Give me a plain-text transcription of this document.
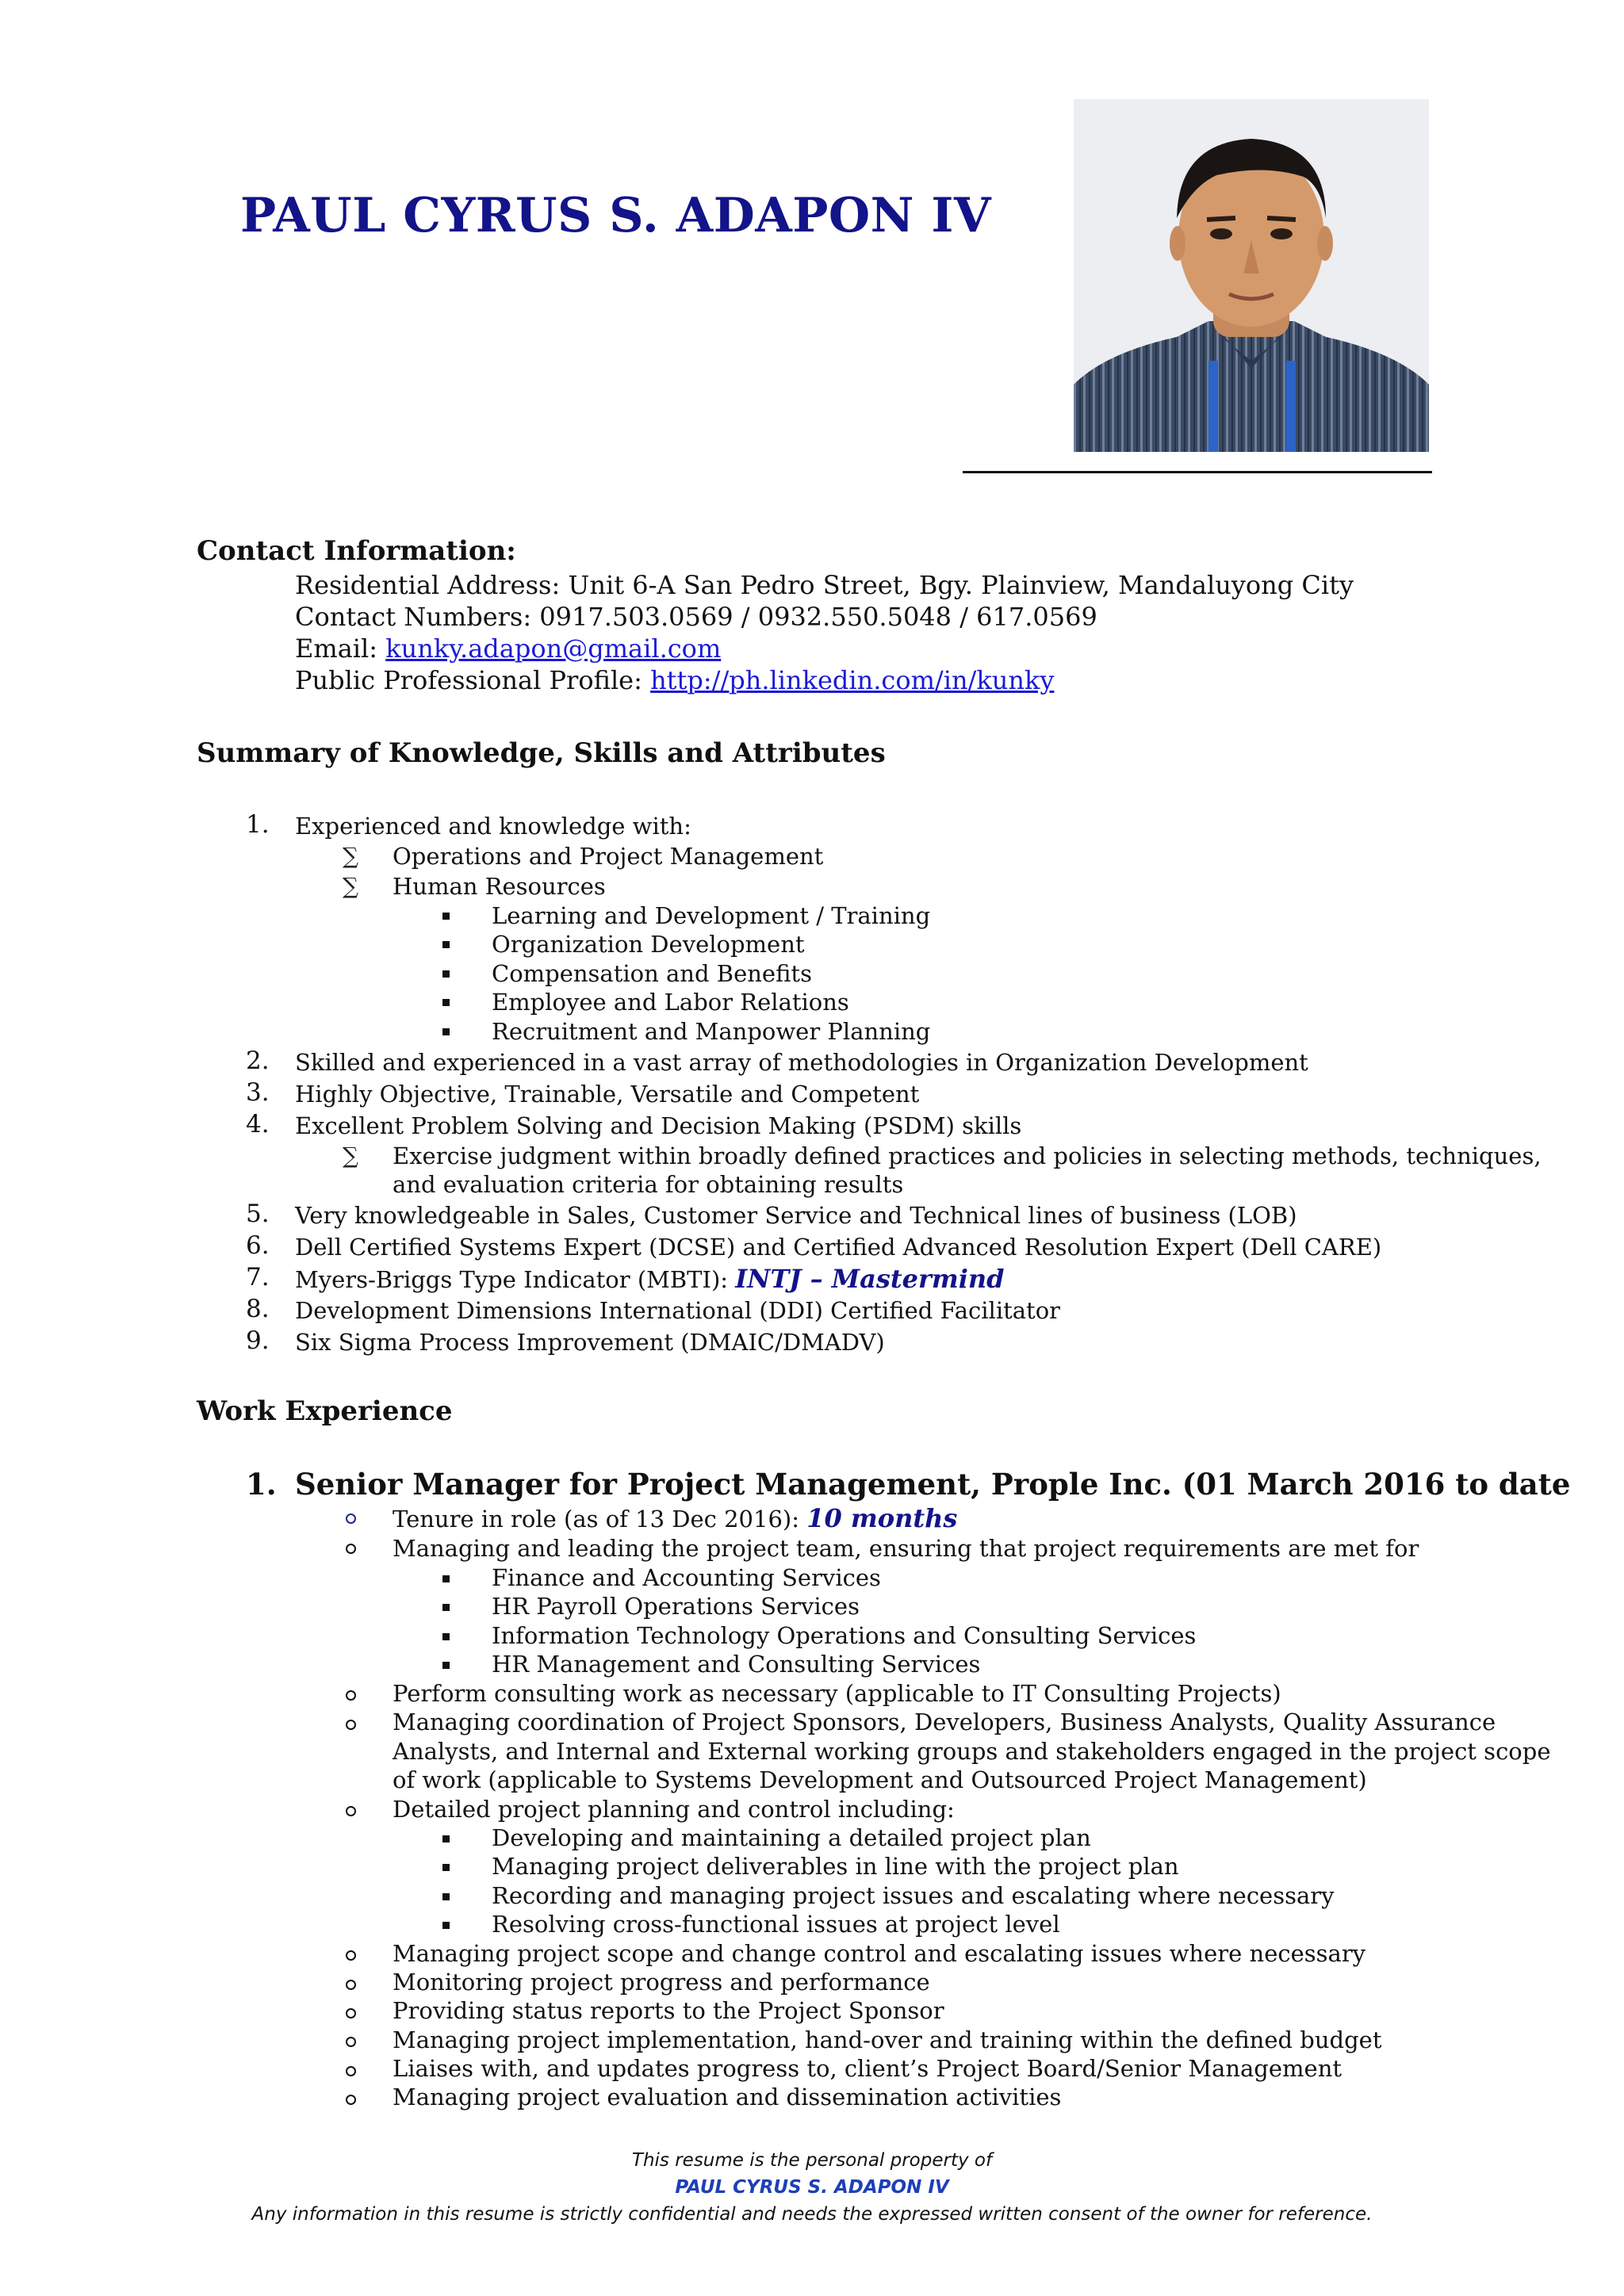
PAUL CYRUS S. ADAPON IV
Contact Information:
Residential Address: Unit 6-A San Pedro Street, Bgy. Plainview, Mandaluyong City
Contact Numbers: 0917.503.0569 / 0932.550.5048 / 617.0569
Email: kunky.adapon@gmail.com
Public Professional Profile: http://ph.linkedin.com/in/kunky
Summary of Knowledge, Skills and Attributes
1. Experienced and knowledge with:
∑ Operations and Project Management
∑ Human Resources
Learning and Development / Training
Organization Development
Compensation and Benefits
Employee and Labor Relations
Recruitment and Manpower Planning
2. Skilled and experienced in a vast array of methodologies in Organization Development
3. Highly Objective, Trainable, Versatile and Competent
4. Excellent Problem Solving and Decision Making (PSDM) skills
∑ Exercise judgment within broadly defined practices and policies in selecting methods, techniques,
and evaluation criteria for obtaining results
5. Very knowledgeable in Sales, Customer Service and Technical lines of business (LOB)
6. Dell Certified Systems Expert (DCSE) and Certified Advanced Resolution Expert (Dell CARE)
7. Myers-Briggs Type Indicator (MBTI): INTJ – Mastermind
8. Development Dimensions International (DDI) Certified Facilitator
9. Six Sigma Process Improvement (DMAIC/DMADV)
Work Experience
1. Senior Manager for Project Management, Prople Inc. (01 March 2016 to date
Tenure in role (as of 13 Dec 2016): 10 months
Managing and leading the project team, ensuring that project requirements are met for
Finance and Accounting Services
HR Payroll Operations Services
Information Technology Operations and Consulting Services
HR Management and Consulting Services
Perform consulting work as necessary (applicable to IT Consulting Projects)
Managing coordination of Project Sponsors, Developers, Business Analysts, Quality Assurance
Analysts, and Internal and External working groups and stakeholders engaged in the project scope
of work (applicable to Systems Development and Outsourced Project Management)
Detailed project planning and control including:
Developing and maintaining a detailed project plan
Managing project deliverables in line with the project plan
Recording and managing project issues and escalating where necessary
Resolving cross-functional issues at project level
Managing project scope and change control and escalating issues where necessary
Monitoring project progress and performance
Providing status reports to the Project Sponsor
Managing project implementation, hand-over and training within the defined budget
Liaises with, and updates progress to, client’s Project Board/Senior Management
Managing project evaluation and dissemination activities
This resume is the personal property of
PAUL CYRUS S. ADAPON IV
Any information in this resume is strictly confidential and needs the expressed written consent of the owner for reference.
